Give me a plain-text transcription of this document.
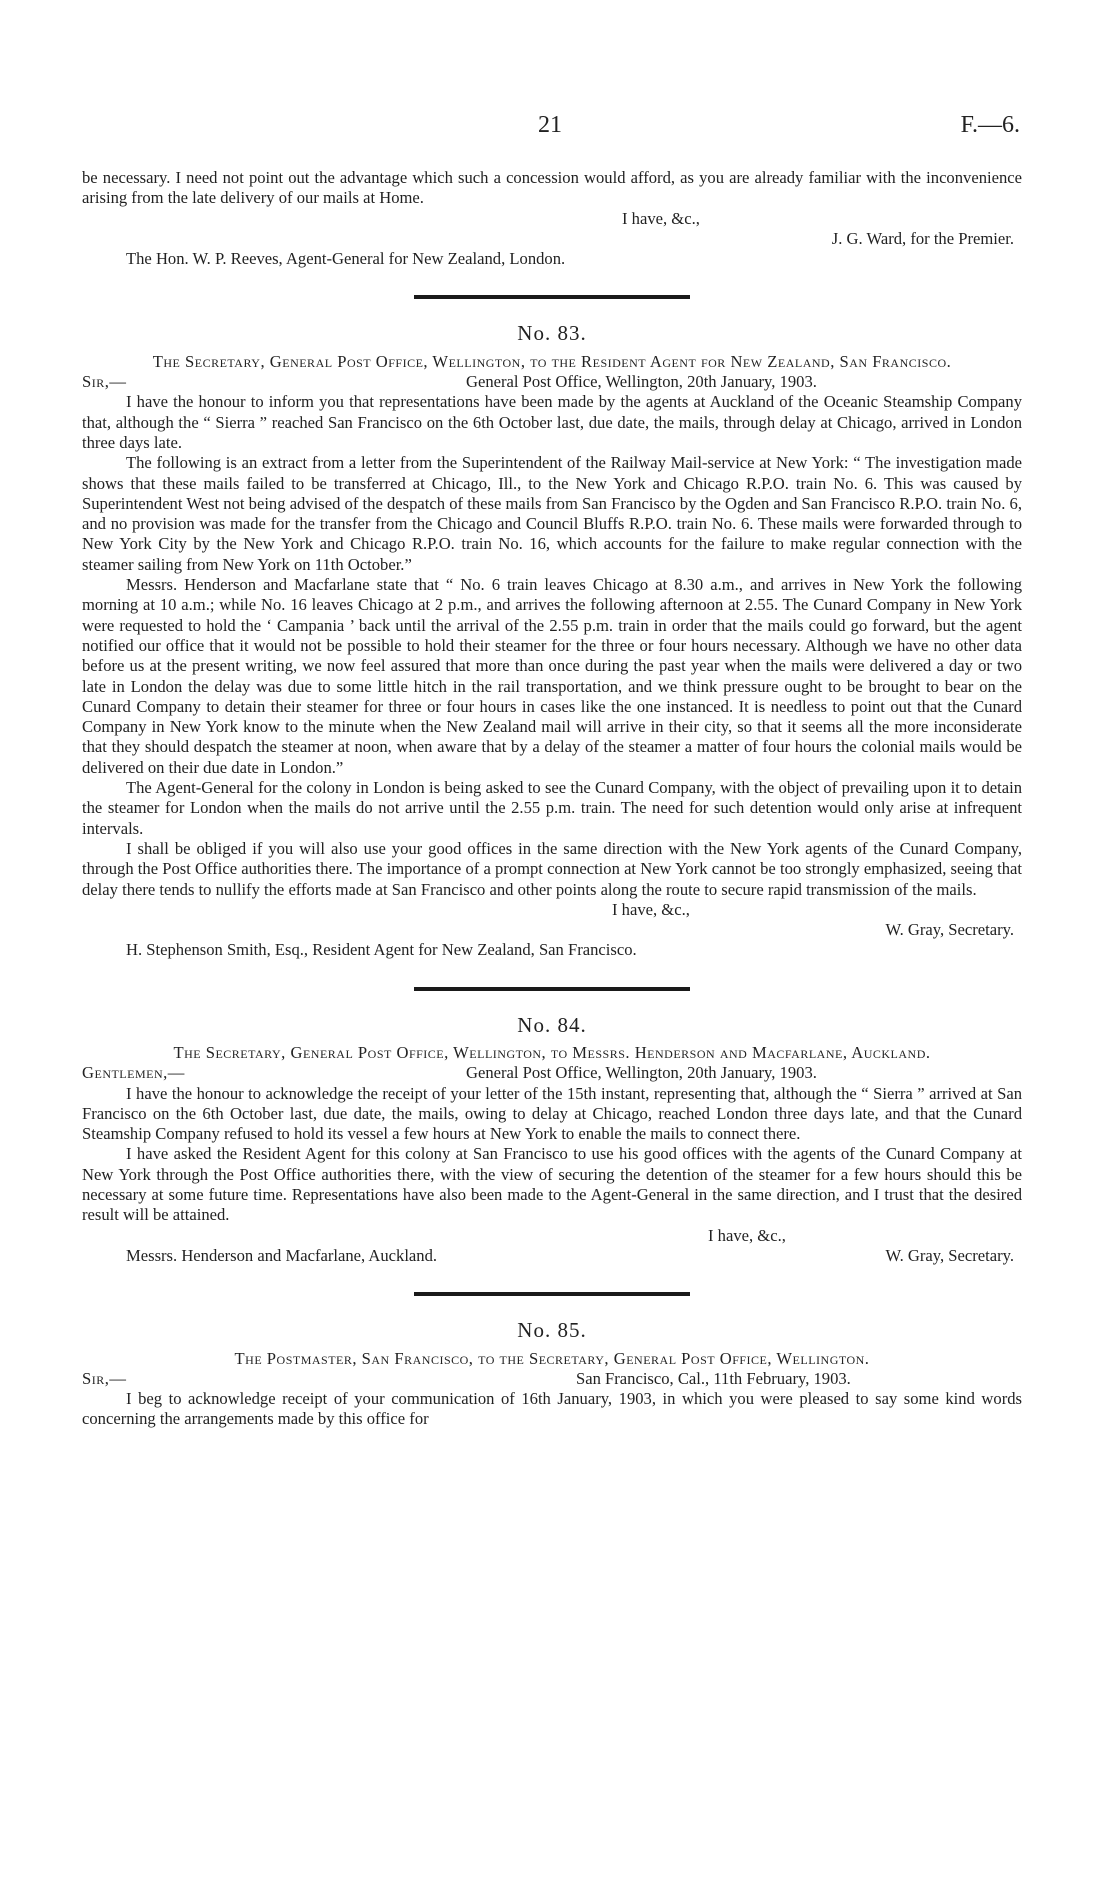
21	F.—6.

be necessary. I need not point out the advantage which such a concession would afford, as you are already familiar with the inconvenience arising from the late delivery of our mails at Home.

I have, &c.,

J. G. Ward, for the Premier.

The Hon. W. P. Reeves, Agent-General for New Zealand, London.

No. 83.

The Secretary, General Post Office, Wellington, to the Resident Agent for New Zealand, San Francisco.

Sir,—	General Post Office, Wellington, 20th January, 1903.

I have the honour to inform you that representations have been made by the agents at Auckland of the Oceanic Steamship Company that, although the “ Sierra ” reached San Francisco on the 6th October last, due date, the mails, through delay at Chicago, arrived in London three days late.

The following is an extract from a letter from the Superintendent of the Railway Mail-service at New York: “ The investigation made shows that these mails failed to be transferred at Chicago, Ill., to the New York and Chicago R.P.O. train No. 6. This was caused by Superintendent West not being advised of the despatch of these mails from San Francisco by the Ogden and San Francisco R.P.O. train No. 6, and no provision was made for the transfer from the Chicago and Council Bluffs R.P.O. train No. 6. These mails were forwarded through to New York City by the New York and Chicago R.P.O. train No. 16, which accounts for the failure to make regular connection with the steamer sailing from New York on 11th October.”

Messrs. Henderson and Macfarlane state that “ No. 6 train leaves Chicago at 8.30 a.m., and arrives in New York the following morning at 10 a.m.; while No. 16 leaves Chicago at 2 p.m., and arrives the following afternoon at 2.55. The Cunard Company in New York were requested to hold the ‘ Campania ’ back until the arrival of the 2.55 p.m. train in order that the mails could go forward, but the agent notified our office that it would not be possible to hold their steamer for the three or four hours necessary. Although we have no other data before us at the present writing, we now feel assured that more than once during the past year when the mails were delivered a day or two late in London the delay was due to some little hitch in the rail transportation, and we think pressure ought to be brought to bear on the Cunard Company to detain their steamer for three or four hours in cases like the one instanced. It is needless to point out that the Cunard Company in New York know to the minute when the New Zealand mail will arrive in their city, so that it seems all the more inconsiderate that they should despatch the steamer at noon, when aware that by a delay of the steamer a matter of four hours the colonial mails would be delivered on their due date in London.”

The Agent-General for the colony in London is being asked to see the Cunard Company, with the object of prevailing upon it to detain the steamer for London when the mails do not arrive until the 2.55 p.m. train. The need for such detention would only arise at infrequent intervals.

I shall be obliged if you will also use your good offices in the same direction with the New York agents of the Cunard Company, through the Post Office authorities there. The importance of a prompt connection at New York cannot be too strongly emphasized, seeing that delay there tends to nullify the efforts made at San Francisco and other points along the route to secure rapid transmission of the mails.

I have, &c.,

W. Gray, Secretary.

H. Stephenson Smith, Esq., Resident Agent for New Zealand, San Francisco.

No. 84.

The Secretary, General Post Office, Wellington, to Messrs. Henderson and Macfarlane, Auckland.

Gentlemen,—	General Post Office, Wellington, 20th January, 1903.

I have the honour to acknowledge the receipt of your letter of the 15th instant, representing that, although the “ Sierra ” arrived at San Francisco on the 6th October last, due date, the mails, owing to delay at Chicago, reached London three days late, and that the Cunard Steamship Company refused to hold its vessel a few hours at New York to enable the mails to connect there.

I have asked the Resident Agent for this colony at San Francisco to use his good offices with the agents of the Cunard Company at New York through the Post Office authorities there, with the view of securing the detention of the steamer for a few hours should this be necessary at some future time. Representations have also been made to the Agent-General in the same direction, and I trust that the desired result will be attained.

I have, &c.,

Messrs. Henderson and Macfarlane, Auckland.	W. Gray, Secretary.
No. 85.

The Postmaster, San Francisco, to the Secretary, General Post Office, Wellington.

Sir,—	San Francisco, Cal., 11th February, 1903.

I beg to acknowledge receipt of your communication of 16th January, 1903, in which you were pleased to say some kind words concerning the arrangements made by this office for
